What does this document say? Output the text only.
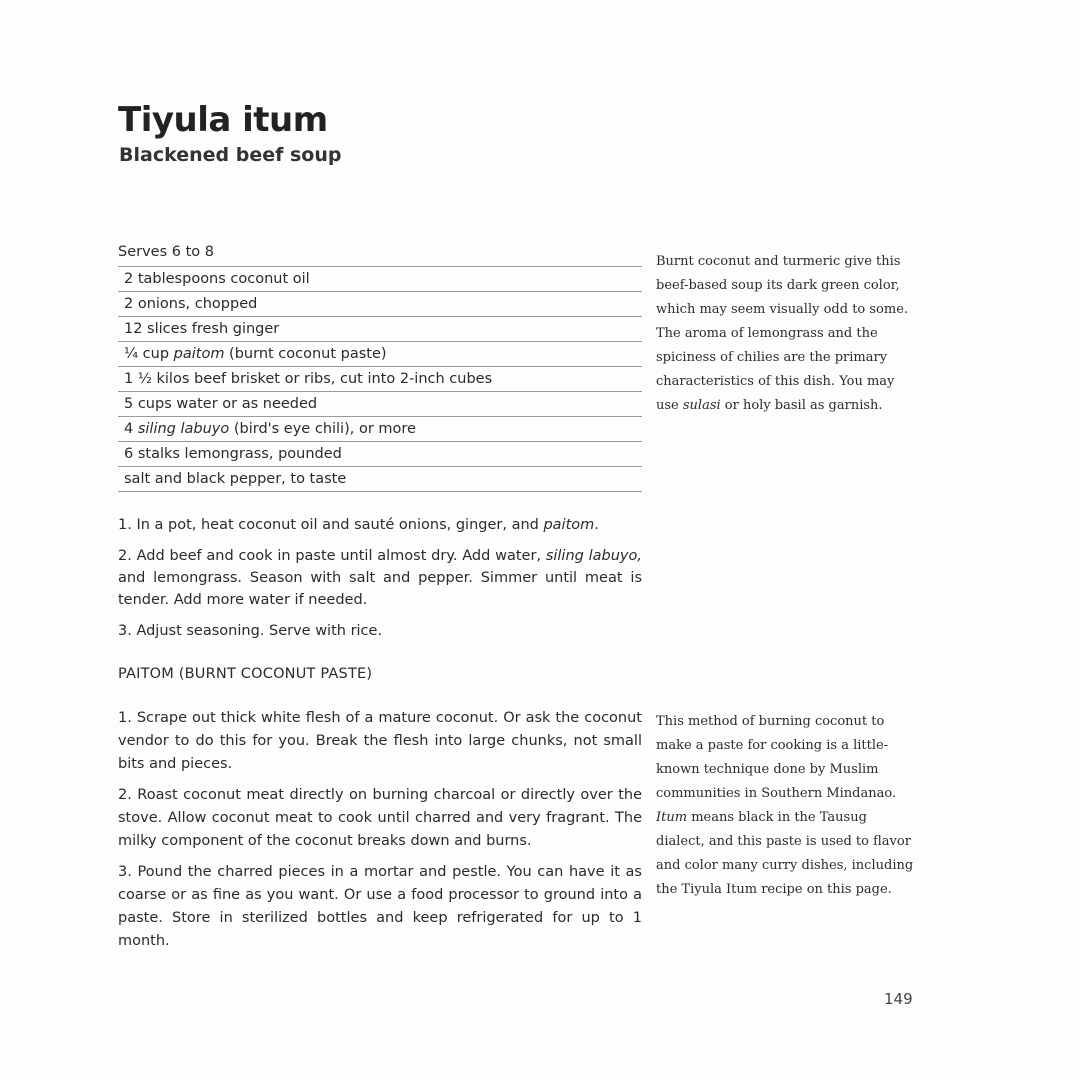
Tiyula itum
Blackened beef soup
Serves 6 to 8
2 tablespoons coconut oil
2 onions, chopped
12 slices fresh ginger
¼ cup paitom (burnt coconut paste)
1 ½ kilos beef brisket or ribs, cut into 2-inch cubes
5 cups water or as needed
4 siling labuyo (bird's eye chili), or more
6 stalks lemongrass, pounded
salt and black pepper, to taste

1. In a pot, heat coconut oil and sauté onions, ginger, and paitom.

2. Add beef and cook in paste until almost dry. Add water, siling labuyo, and lemongrass. Season with salt and pepper. Simmer until meat is tender. Add more water if needed.

3. Adjust seasoning. Serve with rice.

PAITOM (BURNT COCONUT PASTE)

1. Scrape out thick white flesh of a mature coconut. Or ask the coconut vendor to do this for you. Break the flesh into large chunks, not small bits and pieces.

2. Roast coconut meat directly on burning charcoal or directly over the stove. Allow coconut meat to cook until charred and very fragrant. The milky component of the coconut breaks down and burns.

3. Pound the charred pieces in a mortar and pestle. You can have it as coarse or as fine as you want. Or use a food processor to ground into a paste. Store in sterilized bottles and keep refrigerated for up to 1 month.

Burnt coconut and turmeric give this beef-based soup its dark green color, which may seem visually odd to some. The aroma of lemongrass and the spiciness of chilies are the primary characteristics of this dish. You may use sulasi or holy basil as garnish.

This method of burning coconut to make a paste for cooking is a little-known technique done by Muslim communities in Southern Mindanao. Itum means black in the Tausug dialect, and this paste is used to flavor and color many curry dishes, including the Tiyula Itum recipe on this page.

149
